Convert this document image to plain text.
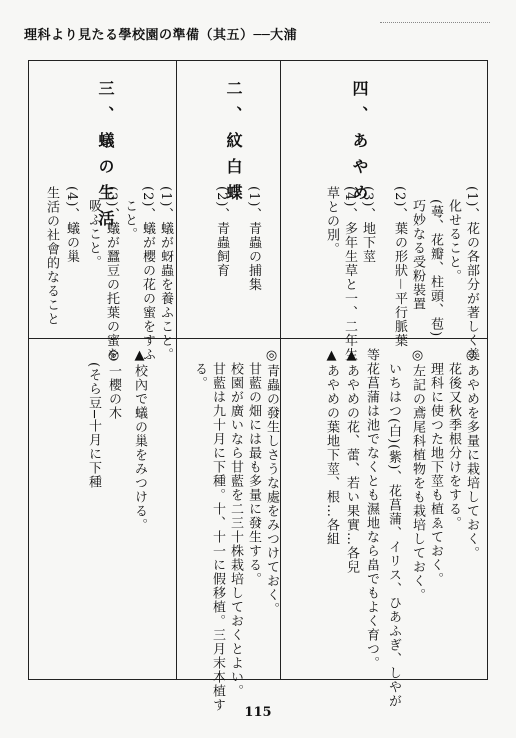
理科より見たる學校園の準備（其五）──大浦
四、あやめ
(1)、花の各部分が著しく美
化せること。
(蕚、花瓣、柱頭、苞)
巧妙なる受粉裝置
(2)、葉の形狀－平行脈葉
(3)、地下莖
(4)、多年生草と一、二年生
草との別。
◎あやめを多量に栽培しておく。
花後又秋季根分けをする。
理科に使つた地下莖も植ゑておく。
◎左記の鳶尾科植物をも栽培しておく。
いちはつ(白)(紫)、花菖蒲、イリス、ひあふぎ、しやが
等花菖蒲は池でなくとも濕地なら畠でもよく育つ。
▲あやめの花、蕾、若い果實…各兒
▲あやめの葉地下莖、根…各組
二、紋白蝶
(1)、青蟲の捕集
(2)、青蟲飼育
◎青蟲の發生しさうな處をみつけておく。
甘藍の畑には最も多量に發生する。
校園が廣いなら甘藍を二三十株栽培しておくとよい。
甘藍は九十月に下種。十、十一に假移植。三月末本植す
る。
三、蟻の生活
(1)、蟻が蚜蟲を養ふこと。
(2)、蟻が櫻の花の蜜をすふ
こと。
(3)、蟻が蠶豆の托葉の蜜を
吸ふこと。
(4)、蟻の巢
生活の社會的なること
▲校內で蟻の巢をみつける。
◎一櫻の木
(そら豆─十月に下種
115
